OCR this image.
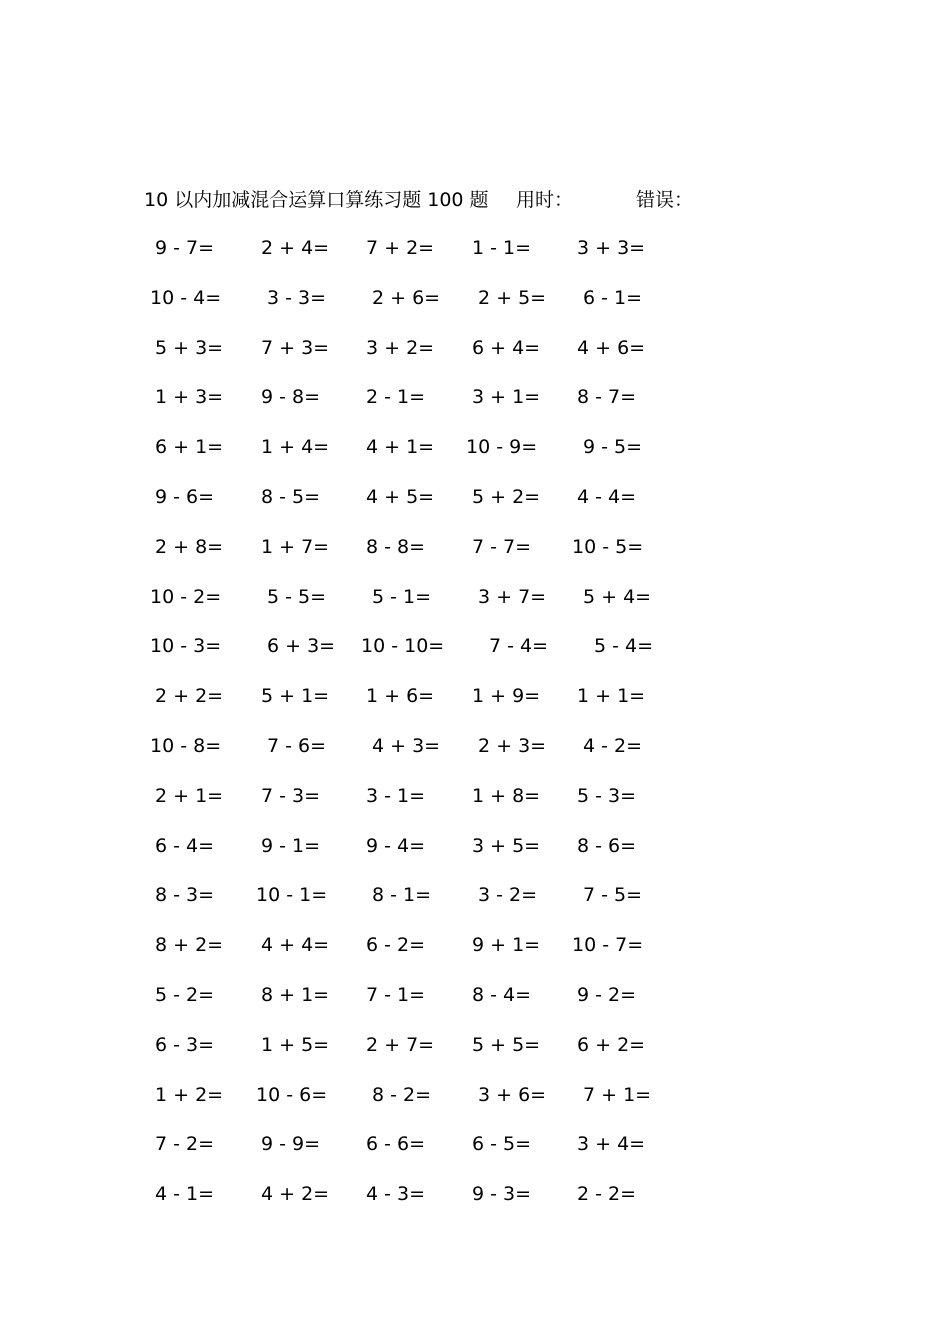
10 以内加减混合运算口算练习题 100 题 用时：	错误：
9 - 7= 2 + 4= 7 + 2= 1 - 1= 3 + 3=
10 - 4= 3 - 3= 2 + 6= 2 + 5= 6 - 1=
5 + 3= 7 + 3= 3 + 2= 6 + 4= 4 + 6=
1 + 3= 9 - 8= 2 - 1= 3 + 1= 8 - 7=
6 + 1= 1 + 4= 4 + 1= 10 - 9= 9 - 5=
9 - 6= 8 - 5= 4 + 5= 5 + 2= 4 - 4=
2 + 8= 1 + 7= 8 - 8= 7 - 7= 10 - 5=
10 - 2= 5 - 5= 5 - 1= 3 + 7= 5 + 4=
10 - 3= 6 + 3= 10 - 10= 7 - 4= 5 - 4=
2 + 2= 5 + 1= 1 + 6= 1 + 9= 1 + 1=
10 - 8= 7 - 6= 4 + 3= 2 + 3= 4 - 2=
2 + 1= 7 - 3= 3 - 1= 1 + 8= 5 - 3=
6 - 4= 9 - 1= 9 - 4= 3 + 5= 8 - 6=
8 - 3= 10 - 1= 8 - 1= 3 - 2= 7 - 5=
8 + 2= 4 + 4= 6 - 2= 9 + 1= 10 - 7=
5 - 2= 8 + 1= 7 - 1= 8 - 4= 9 - 2=
6 - 3= 1 + 5= 2 + 7= 5 + 5= 6 + 2=
1 + 2= 10 - 6= 8 - 2= 3 + 6= 7 + 1=
7 - 2= 9 - 9= 6 - 6= 6 - 5= 3 + 4=
4 - 1= 4 + 2= 4 - 3= 9 - 3= 2 - 2=
